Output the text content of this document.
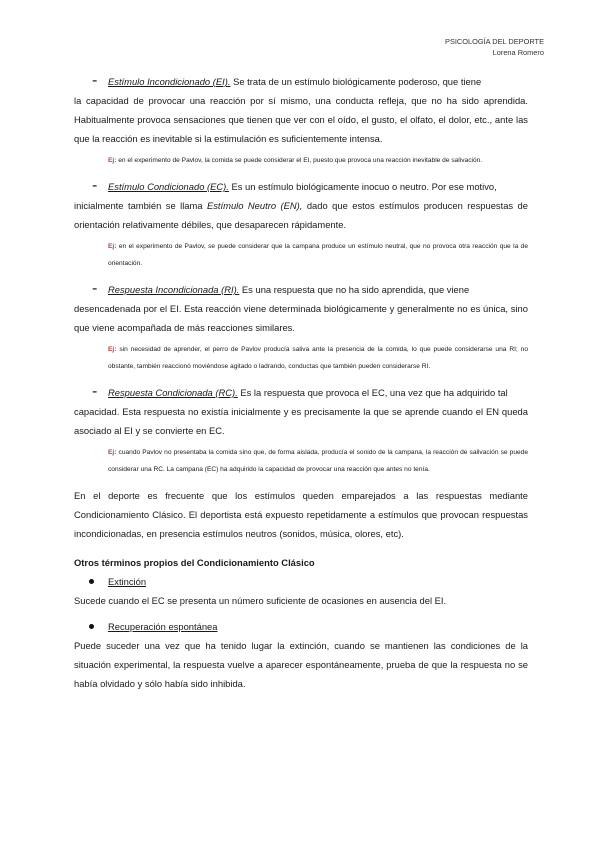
PSICOLOGÍA DEL DEPORTE
Lorena Romero
- Estímulo Incondicionado (EI). Se trata de un estímulo biológicamente poderoso, que tiene

la capacidad de provocar una reacción por sí mismo, una conducta refleja, que no ha sido aprendida. Habitualmente provoca sensaciones que tienen que ver con el oído, el gusto, el olfato, el dolor, etc., ante las que la reacción es inevitable si la estimulación es suficientemente intensa.

Ej: en el experimento de Pavlov, la comida se puede considerar el EI, puesto que provoca una reacción inevitable de salivación.
- Estímulo Condicionado (EC). Es un estímulo biológicamente inocuo o neutro. Por ese motivo,

inicialmente también se llama Estímulo Neutro (EN), dado que estos estímulos producen respuestas de orientación relativamente débiles, que desaparecen rápidamente.

Ej: en el experimento de Pavlov, se puede considerar que la campana produce un estímulo neutral, que no provoca otra reacción que la de orientación.
- Respuesta Incondicionada (RI). Es una respuesta que no ha sido aprendida, que viene

desencadenada por el EI. Esta reacción viene determinada biológicamente y generalmente no es única, sino que viene acompañada de más reacciones similares.

Ej: sin necesidad de aprender, el perro de Pavlov producía saliva ante la presencia de la comida, lo que puede considerarse una RI; no obstante, también reaccionó moviéndose agitado o ladrando, conductas que también pueden considerarse RI.
- Respuesta Condicionada (RC). Es la respuesta que provoca el EC, una vez que ha adquirido tal

capacidad. Esta respuesta no existía inicialmente y es precisamente la que se aprende cuando el EN queda asociado al EI y se convierte en EC.

Ej: cuando Pavlov no presentaba la comida sino que, de forma aislada, producía el sonido de la campana, la reacción de salivación se puede considerar una RC. La campana (EC) ha adquirido la capacidad de provocar una reacción que antes no tenía.

En el deporte es frecuente que los estímulos queden emparejados a las respuestas mediante Condicionamiento Clásico. El deportista está expuesto repetidamente a estímulos que provocan respuestas incondicionadas, en presencia estímulos neutros (sonidos, música, olores, etc).

Otros términos propios del Condicionamiento Clásico
Extinción

Sucede cuando el EC se presenta un número suficiente de ocasiones en ausencia del EI.

Recuperación espontánea

Puede suceder una vez que ha tenido lugar la extinción, cuando se mantienen las condiciones de la situación experimental, la respuesta vuelve a aparecer espontáneamente, prueba de que la respuesta no se había olvidado y sólo había sido inhibida.
